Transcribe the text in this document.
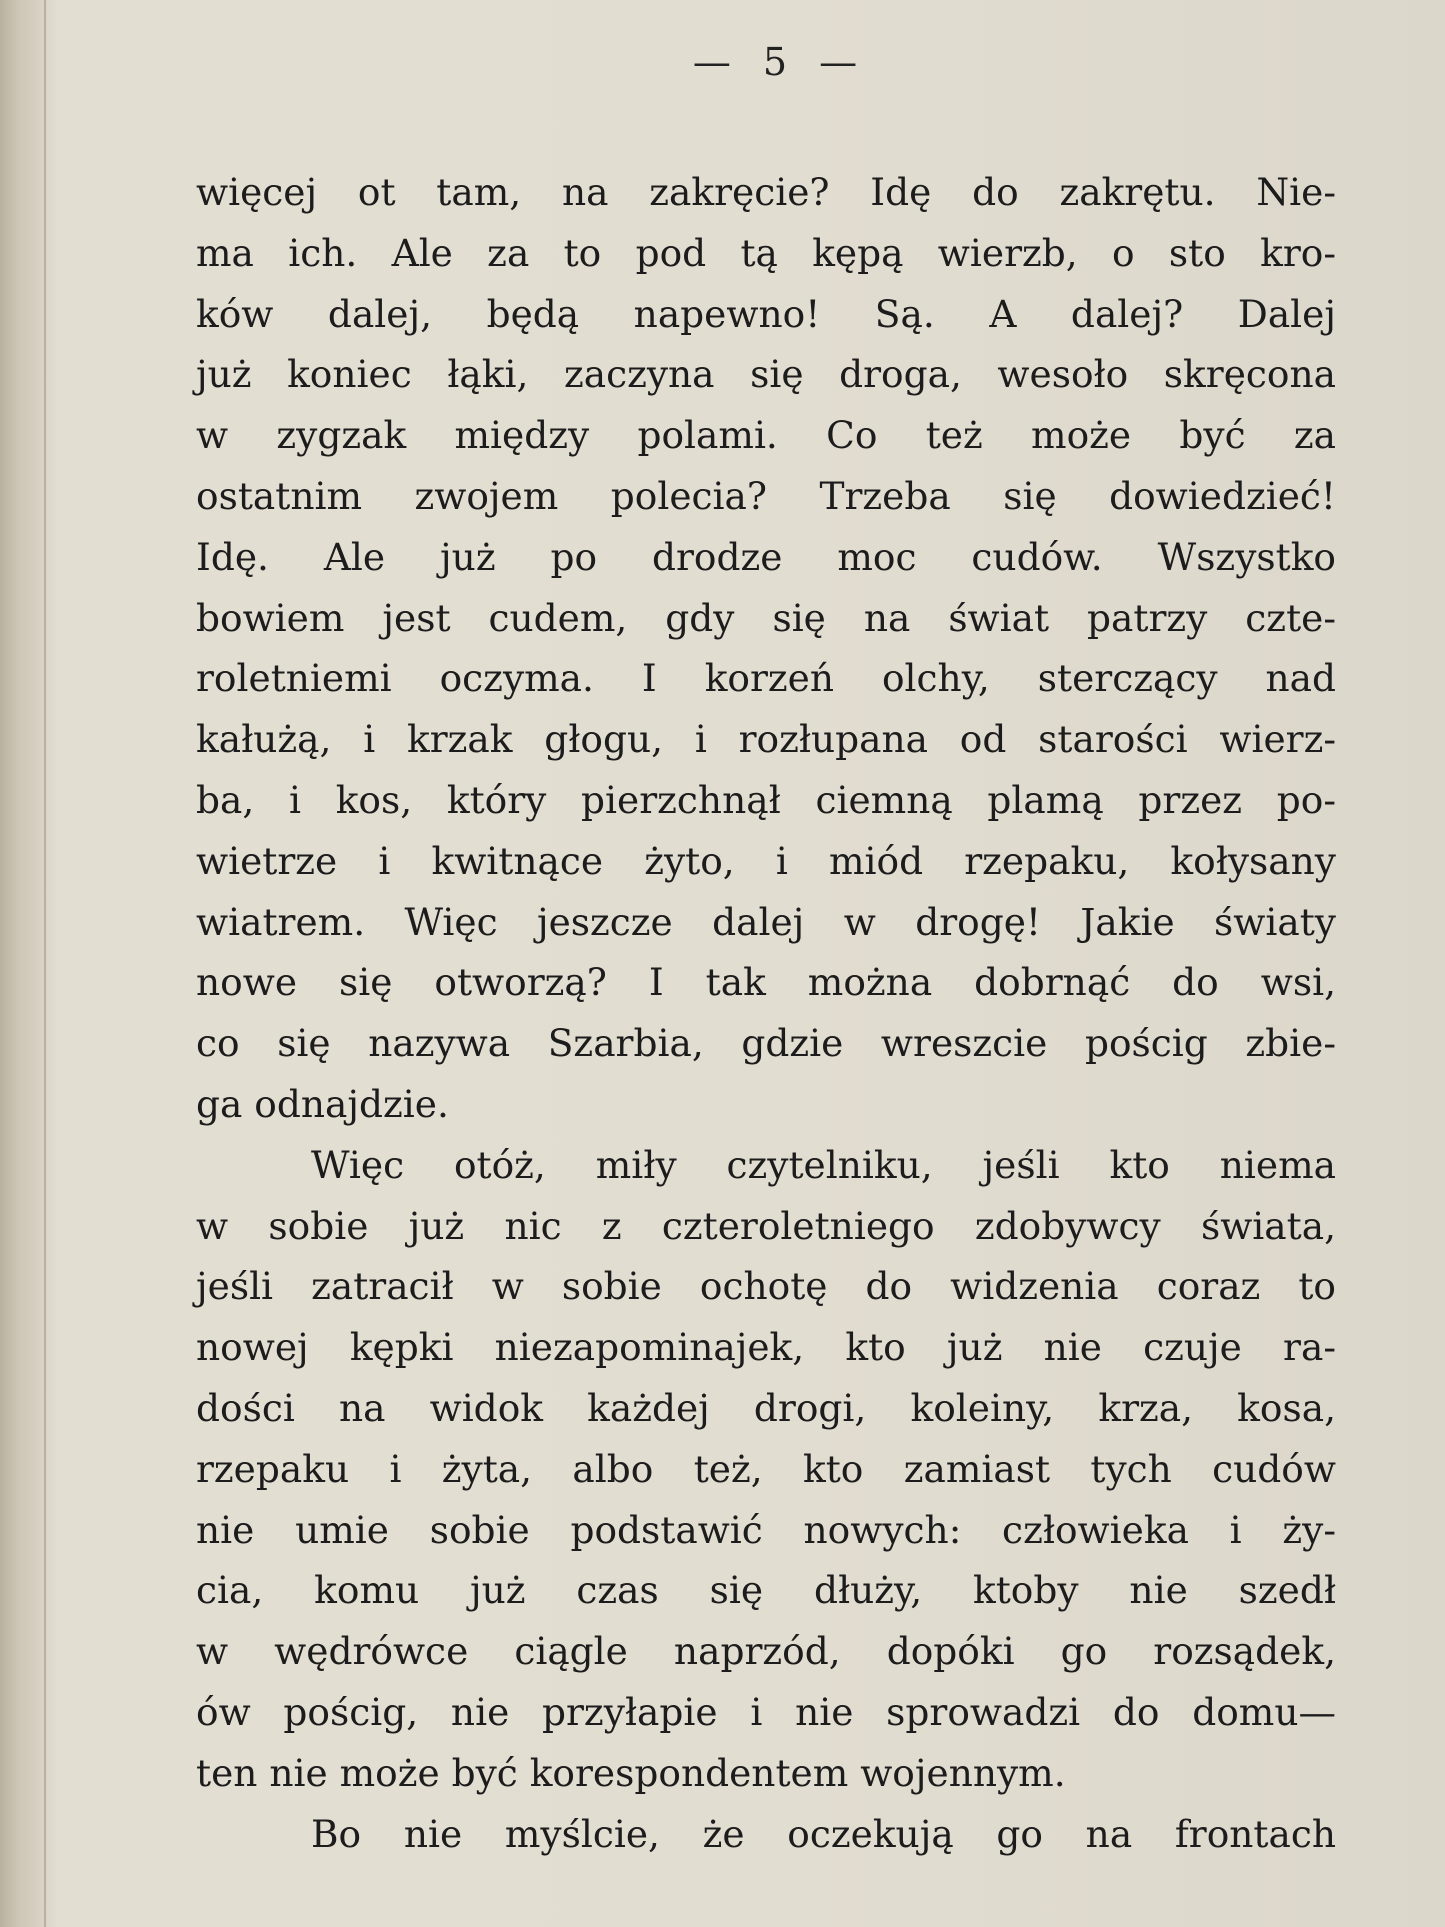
— 5 —
więcej ot tam, na zakręcie? Idę do zakrętu. Nie-
ma ich. Ale za to pod tą kępą wierzb, o sto kro-
ków dalej, będą napewno! Są. A dalej? Dalej
już koniec łąki, zaczyna się droga, wesoło skręcona
w zygzak między polami. Co też może być za
ostatnim zwojem polecia? Trzeba się dowiedzieć!
Idę. Ale już po drodze moc cudów. Wszystko
bowiem jest cudem, gdy się na świat patrzy czte-
roletniemi oczyma. I korzeń olchy, sterczący nad
kałużą, i krzak głogu, i rozłupana od starości wierz-
ba, i kos, który pierzchnął ciemną plamą przez po-
wietrze i kwitnące żyto, i miód rzepaku, kołysany
wiatrem. Więc jeszcze dalej w drogę! Jakie światy
nowe się otworzą? I tak można dobrnąć do wsi,
co się nazywa Szarbia, gdzie wreszcie pościg zbie-
ga odnajdzie.
Więc otóż, miły czytelniku, jeśli kto niema
w sobie już nic z czteroletniego zdobywcy świata,
jeśli zatracił w sobie ochotę do widzenia coraz to
nowej kępki niezapominajek, kto już nie czuje ra-
dości na widok każdej drogi, koleiny, krza, kosa,
rzepaku i żyta, albo też, kto zamiast tych cudów
nie umie sobie podstawić nowych: człowieka i ży-
cia, komu już czas się dłuży, ktoby nie szedł
w wędrówce ciągle naprzód, dopóki go rozsądek,
ów pościg, nie przyłapie i nie sprowadzi do domu—
ten nie może być korespondentem wojennym.
Bo nie myślcie, że oczekują go na frontach
